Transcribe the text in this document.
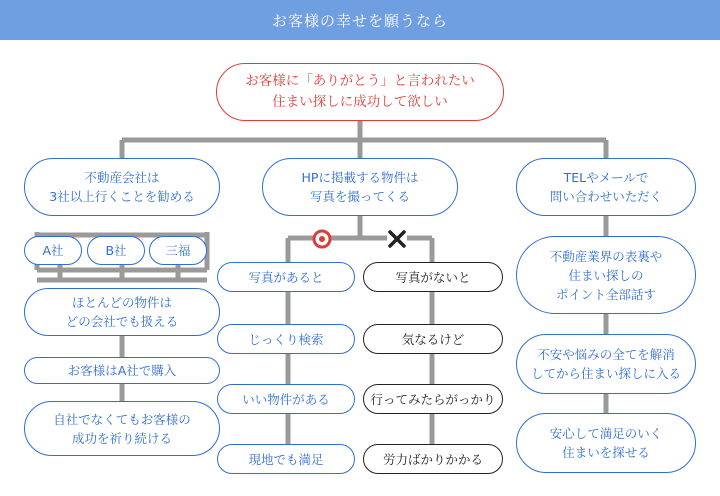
お客様の幸せを願うなら
お客様に「ありがとう」と言われたい
住まい探しに成功して欲しい
不動産会社は
3社以上行くことを勧める
HPに掲載する物件は
写真を撮ってくる
TELやメールで
問い合わせいただく
A社	B社	三福
ほとんどの物件は
どの会社でも扱える
お客様はA社で購入
自社でなくてもお客様の
成功を祈り続ける
写真があると
じっくり検索
いい物件がある
現地でも満足
写真がないと
気なるけど
行ってみたらがっかり
労力ばかりかかる
不動産業界の表裏や
住まい探しの
ポイント全部話す
不安や悩みの全てを解消
してから住まい探しに入る
安心して満足のいく
住まいを探せる
